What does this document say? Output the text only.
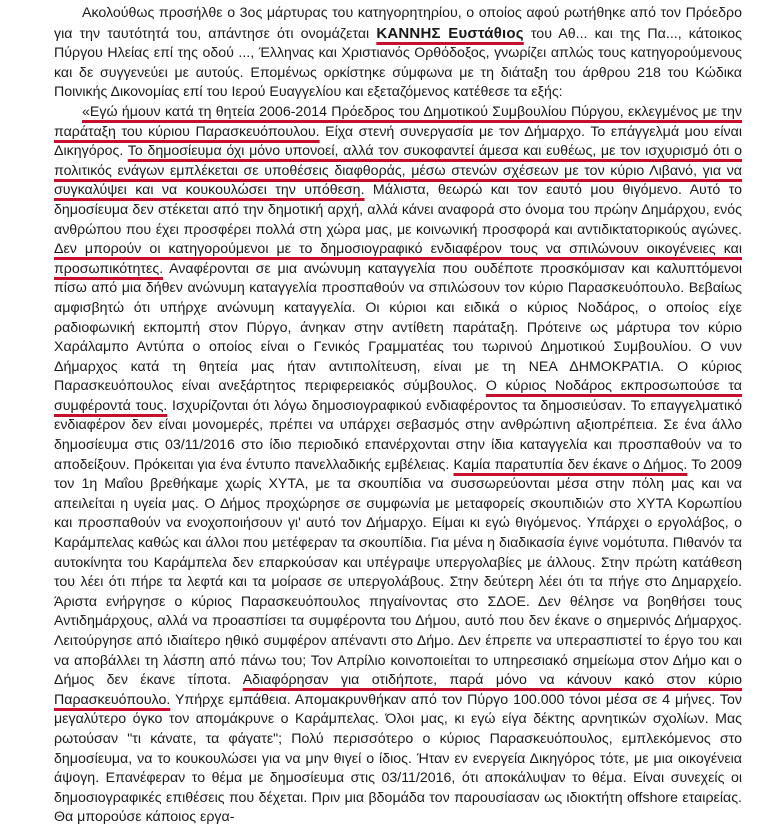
Ακολούθως προσήλθε ο 3ος μάρτυρας του κατηγορητηρίου, ο οποίος αφού ρωτήθηκε από τον Πρόεδρο για την ταυτότητά του, απάντησε ότι ονομάζεται ΚΑΝΝΗΣ Ευστάθιος του Αθ... και της Πα..., κάτοικος Πύργου Ηλείας επί της οδού ..., Έλληνας και Χριστιανός Ορθόδοξος, γνωρίζει απλώς τους κατηγορούμενους και δε συγγενεύει με αυτούς. Επομένως ορκίστηκε σύμφωνα με τη διάταξη του άρθρου 218 του Κώδικα Ποινικής Δικονομίας επί του Ιερού Ευαγγελίου και εξεταζόμενος κατέθεσε τα εξής:

«Εγώ ήμουν κατά τη θητεία 2006-2014 Πρόεδρος του Δημοτικού Συμβουλίου Πύργου, εκλεγμένος με την παράταξη του κύριου Παρασκευόπουλου. Είχα στενή συνεργασία με τον Δήμαρχο. Το επάγγελμά μου είναι Δικηγόρος. Το δημοσίευμα όχι μόνο υπονοεί, αλλά τον συκοφαντεί άμεσα και ευθέως, με τον ισχυρισμό ότι ο πολιτικός ενάγων εμπλέκεται σε υποθέσεις διαφθοράς, μέσω στενών σχέσεων με τον κύριο Λιβανό, για να συγκαλύψει και να κουκουλώσει την υπόθεση. Μάλιστα, θεωρώ και τον εαυτό μου θιγόμενο. Αυτό το δημοσίευμα δεν στέκεται από την δημοτική αρχή, αλλά κάνει αναφορά στο όνομα του πρώην Δημάρχου, ενός ανθρώπου που έχει προσφέρει πολλά στη χώρα μας, με κοινωνική προσφορά και αντιδικτατορικούς αγώνες. Δεν μπορούν οι κατηγορούμενοι με το δημοσιογραφικό ενδιαφέρον τους να σπιλώνουν οικογένειες και προσωπικότητες. Αναφέρονται σε μια ανώνυμη καταγγελία που ουδέποτε προσκόμισαν και καλυπτόμενοι πίσω από μια δήθεν ανώνυμη καταγγελία προσπαθούν να σπιλώσουν τον κύριο Παρασκευόπουλο. Βεβαίως αμφισβητώ ότι υπήρχε ανώνυμη καταγγελία. Οι κύριοι και ειδικά ο κύριος Νοδάρος, ο οποίος είχε ραδιοφωνική εκπομπή στον Πύργο, άνηκαν στην αντίθετη παράταξη. Πρότεινε ως μάρτυρα τον κύριο Χαράλαμπο Αντύπα ο οποίος είναι ο Γενικός Γραμματέας του τωρινού Δημοτικού Συμβουλίου. Ο νυν Δήμαρχος κατά τη θητεία μας ήταν αντιπολίτευση, είναι με τη ΝΕΑ ΔΗΜΟΚΡΑΤΙΑ. Ο κύριος Παρασκευόπουλος είναι ανεξάρτητος περιφερειακός σύμβουλος. Ο κύριος Νοδάρος εκπροσωπούσε τα συμφέροντά τους. Ισχυρίζονται ότι λόγω δημοσιογραφικού ενδιαφέροντος τα δημοσιεύσαν. Το επαγγελματικό ενδιαφέρον δεν είναι μονομερές, πρέπει να υπάρχει σεβασμός στην ανθρώπινη αξιοπρέπεια. Σε ένα άλλο δημοσίευμα στις 03/11/2016 στο ίδιο περιοδικό επανέρχονται στην ίδια καταγγελία και προσπαθούν να το αποδείξουν. Πρόκειται για ένα έντυπο πανελλαδικής εμβέλειας. Καμία παρατυπία δεν έκανε ο Δήμος. Το 2009 τον 1η Μαΐου βρεθήκαμε χωρίς ΧΥΤΑ, με τα σκουπίδια να συσσωρεύονται μέσα στην πόλη μας και να απειλείται η υγεία μας. Ο Δήμος προχώρησε σε συμφωνία με μεταφορείς σκουπιδιών στο ΧΥΤΑ Κορωπίου και προσπαθούν να ενοχοποιήσουν γι' αυτό τον Δήμαρχο. Είμαι κι εγώ θιγόμενος. Υπάρχει ο εργολάβος, ο Καράμπελας καθώς και άλλοι που μετέφεραν τα σκουπίδια. Για μένα η διαδικασία έγινε νομότυπα. Πιθανόν τα αυτοκίνητα του Καράμπελα δεν επαρκούσαν και υπέγραψε υπεργολαβίες με άλλους. Στην πρώτη κατάθεση του λέει ότι πήρε τα λεφτά και τα μοίρασε σε υπεργολάβους. Στην δεύτερη λέει ότι τα πήγε στο Δημαρχείο. Άριστα ενήργησε ο κύριος Παρασκευόπουλος πηγαίνοντας στο ΣΔΟΕ. Δεν θέλησε να βοηθήσει τους Αντιδημάρχους, αλλά να προασπίσει τα συμφέροντα του Δήμου, αυτό που δεν έκανε ο σημερινός Δήμαρχος. Λειτούργησε από ιδιαίτερο ηθικό συμφέρον απέναντι στο Δήμο. Δεν έπρεπε να υπερασπιστεί το έργο του και να αποβάλλει τη λάσπη από πάνω του; Τον Απρίλιο κοινοποιείται το υπηρεσιακό σημείωμα στον Δήμο και ο Δήμος δεν έκανε τίποτα. Αδιαφόρησαν για οτιδήποτε, παρά μόνο να κάνουν κακό στον κύριο Παρασκευόπουλο. Υπήρχε εμπάθεια. Απομακρυνθήκαν από τον Πύργο 100.000 τόνοι μέσα σε 4 μήνες. Τον μεγαλύτερο όγκο τον απομάκρυνε ο Καράμπελας. Όλοι μας, κι εγώ είγα δέκτης αρνητικών σχολίων. Μας ρωτούσαν "τι κάνατε, τα φάγατε"; Πολύ περισσότερο ο κύριος Παρασκευόπουλος, εμπλεκόμενος στο δημοσίευμα, να το κουκουλώσει για να μην θιγεί ο ίδιος. Ήταν εν ενεργεία Δικηγόρος τότε, με μια οικογένεια άψογη. Επανέφεραν το θέμα με δημοσίευμα στις 03/11/2016, ότι αποκάλυψαν το θέμα. Είναι συνεχείς οι δημοσιογραφικές επιθέσεις που δέχεται. Πριν μια βδομάδα τον παρουσίασαν ως ιδιοκτήτη offshore εταιρείας. Θα μπορούσε κάποιος εργα-
